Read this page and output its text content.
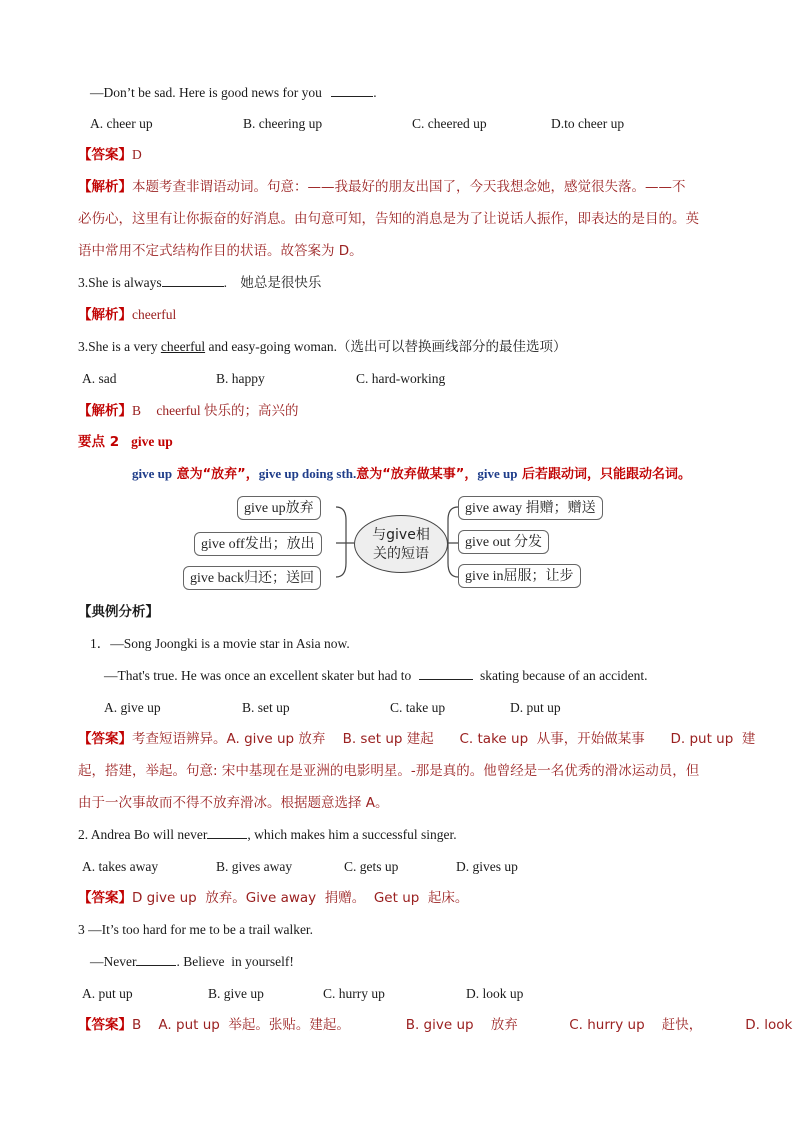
—Don’t be sad. Here is good news for you	.
A. cheer up	B. cheering up	C. cheered up	D.to cheer up
【答案】D
【解析】本题考查非谓语动词。句意：——我最好的朋友出国了，今天我想念她，感觉很失落。——不
必伤心，这里有让你振奋的好消息。由句意可知，告知的消息是为了让说话人振作，即表达的是目的。英
语中常用不定式结构作目的状语。故答案为 D。
3.She is always	. 她总是很快乐
【解析】cheerful
3.She is a very cheerful and easy-going woman.（选出可以替换画线部分的最佳选项）
A. sad	B. happy	C. hard-working
【解析】B cheerful 快乐的；高兴的
要点 2 give up
give up 意为“放弃”，give up doing sth.意为“放弃做某事”，give up 后若跟动词，只能跟动名词。
give up放弃
give off发出；放出
give back归还；送回
与give相
关的短语
give away 捐赠；赠送
give out 分发
give in屈服；让步
【典例分析】
1．—Song Joongki is a movie star in Asia now.
—That's true. He was once an excellent skater but had to	skating because of an accident.
A. give up	B. set up	C. take up	D. put up
【答案】考查短语辨异。A. give up 放弃    B. set up 建起      C. take up  从事，开始做某事      D. put up  建
起，搭建，举起。句意: 宋中基现在是亚洲的电影明星。-那是真的。他曾经是一名优秀的滑冰运动员，但
由于一次事故而不得不放弃滑冰。根据题意选择 A。
2. Andrea Bo will never	, which makes him a successful singer.
A. takes away	B. gives away	C. gets up	D. gives up
【答案】D give up  放弃。Give away  捐赠。  Get up  起床。
3 —It’s too hard for me to be a trail walker.
—Never	. Believe  in yourself!
A. put up	B. give up	C. hurry up	D. look up
【答案】B    A. put up  举起。张贴。建起。             B. give up    放弃            C. hurry up    赶快，          D. look
